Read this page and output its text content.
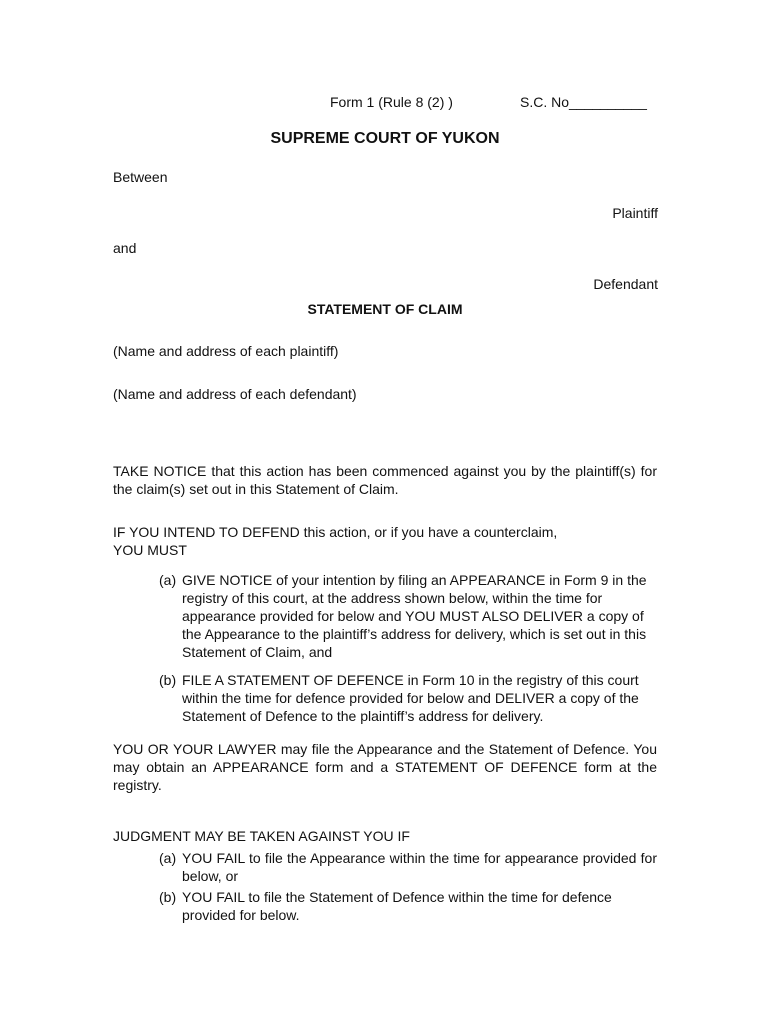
Form 1 (Rule 8 (2) )	S.C. No__________
SUPREME COURT OF YUKON
Between
Plaintiff
and
Defendant
STATEMENT OF CLAIM
(Name and address of each plaintiff)
(Name and address of each defendant)
TAKE NOTICE that this action has been commenced against you by the plaintiff(s) for the claim(s) set out in this Statement of Claim.
IF YOU INTEND TO DEFEND this action, or if you have a counterclaim,
YOU MUST
(a) GIVE NOTICE of your intention by filing an APPEARANCE in Form 9 in the registry of this court, at the address shown below, within the time for appearance provided for below and YOU MUST ALSO DELIVER a copy of the Appearance to the plaintiff’s address for delivery, which is set out in this Statement of Claim, and
(b) FILE A STATEMENT OF DEFENCE in Form 10 in the registry of this court within the time for defence provided for below and DELIVER a copy of the Statement of Defence to the plaintiff’s address for delivery.
YOU OR YOUR LAWYER may file the Appearance and the Statement of Defence. You may obtain an APPEARANCE form and a STATEMENT OF DEFENCE form at the registry.
JUDGMENT MAY BE TAKEN AGAINST YOU IF
(a) YOU FAIL to file the Appearance within the time for appearance provided for below, or
(b) YOU FAIL to file the Statement of Defence within the time for defence provided for below.
